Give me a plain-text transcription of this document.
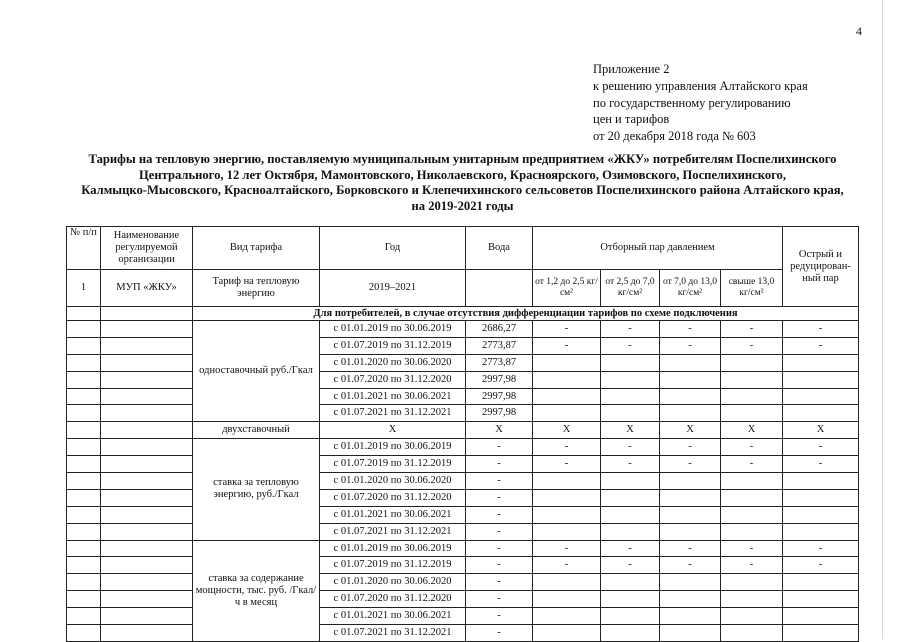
4
Приложение 2
к решению управления Алтайского края
по государственному регулированию
цен и тарифов
от 20 декабря 2018 года № 603
Тарифы на тепловую энергию, поставляемую муниципальным унитарным предприятием «ЖКУ» потребителям Поспелихинского
Центрального, 12 лет Октября, Мамонтовского, Николаевского, Красноярского, Озимовского, Поспелихинского,
Калмыцко-Мысовского, Красноалтайского, Борковского и Клепечихинского сельсоветов Поспелихинского района Алтайского края,
на 2019-2021 годы
№ п/п	Наименование регулируемой организации	Вид тарифа	Год	Вода	Отборный пар давлением				Острый и редуцирован-ный пар
1	МУП «ЖКУ»	Тариф на тепловую энергию	2019–2021		от 1,2 до 2,5 кг/см²	от 2,5 до 7,0 кг/см²	от 7,0 до 13,0 кг/см²	свыше 13,0 кг/см²	
		Для потребителей, в случае отсутствия дифференциации тарифов по схеме подключения							
		одноставочный руб./Гкал	с 01.01.2019 по 30.06.2019	2686,27	-	-	-	-	-
			с 01.07.2019 по 31.12.2019	2773,87	-	-	-	-	-
			с 01.01.2020 по 30.06.2020	2773,87					
			с 01.07.2020 по 31.12.2020	2997,98					
			с 01.01.2021 по 30.06.2021	2997,98					
			с 01.07.2021 по 31.12.2021	2997,98					
		двухставочный	Х	Х	Х	Х	Х	Х	Х
		ставка за тепловую энергию, руб./Гкал	с 01.01.2019 по 30.06.2019	-	-	-	-	-	-
			с 01.07.2019 по 31.12.2019	-	-	-	-	-	-
			с 01.01.2020 по 30.06.2020	-					
			с 01.07.2020 по 31.12.2020	-					
			с 01.01.2021 по 30.06.2021	-					
			с 01.07.2021 по 31.12.2021	-					
		ставка за содержание мощности, тыс. руб. /Гкал/ч в месяц	с 01.01.2019 по 30.06.2019	-	-	-	-	-	-
			с 01.07.2019 по 31.12.2019	-	-	-	-	-	-
			с 01.01.2020 по 30.06.2020	-					
			с 01.07.2020 по 31.12.2020	-					
			с 01.01.2021 по 30.06.2021	-					
			с 01.07.2021 по 31.12.2021	-					
